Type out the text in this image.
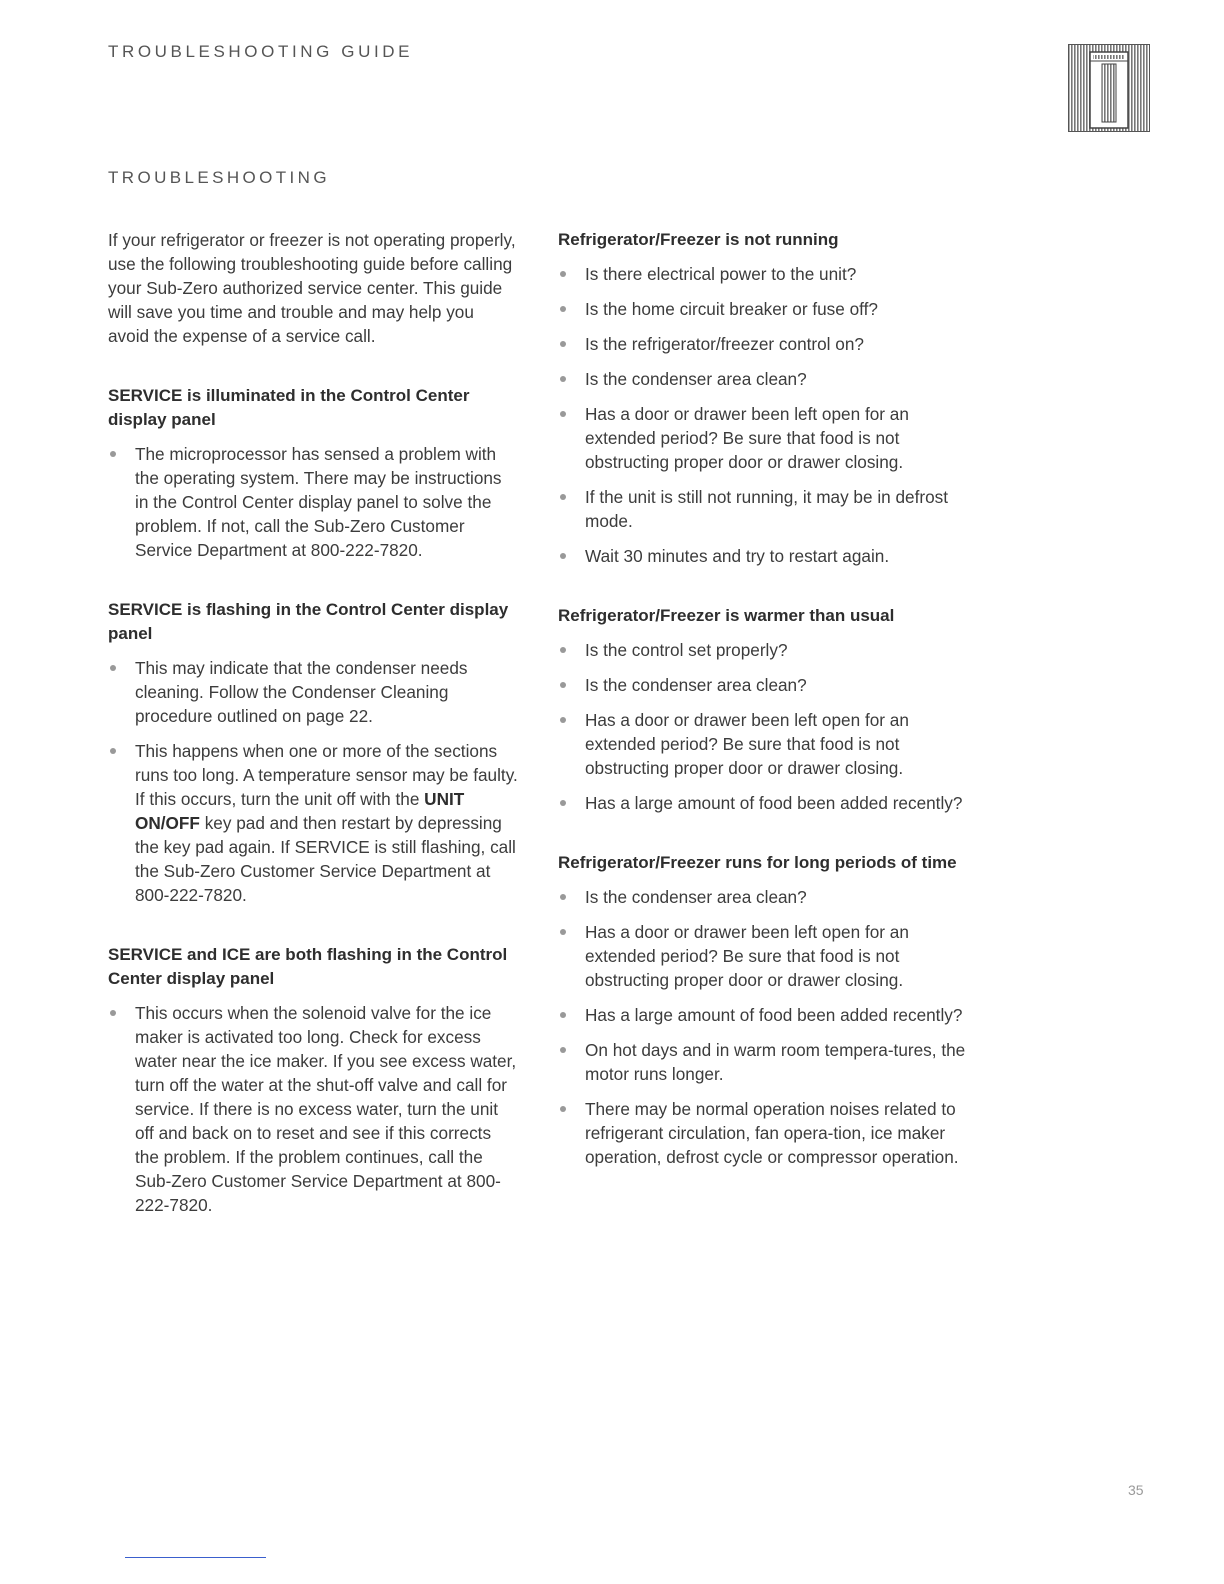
TROUBLESHOOTING GUIDE
TROUBLESHOOTING

If your refrigerator or freezer is not operating properly, use the following troubleshooting guide before calling your Sub-Zero authorized service center. This guide will save you time and trouble and may help you avoid the expense of a service call.

SERVICE is illuminated in the Control Center display panel
The microprocessor has sensed a problem with the operating system. There may be instructions in the Control Center display panel to solve the problem. If not, call the Sub-Zero Customer Service Department at 800-222-7820.
SERVICE is flashing in the Control Center display panel
This may indicate that the condenser needs cleaning. Follow the Condenser Cleaning procedure outlined on page 22.
This happens when one or more of the sections runs too long. A temperature sensor may be faulty. If this occurs, turn the unit off with the UNIT ON/OFF key pad and then restart by depressing the key pad again. If SERVICE is still flashing, call the Sub-Zero Customer Service Department at 800-222-7820.
SERVICE and ICE are both flashing in the Control Center display panel
This occurs when the solenoid valve for the ice maker is activated too long. Check for excess water near the ice maker. If you see excess water, turn off the water at the shut-off valve and call for service. If there is no excess water, turn the unit off and back on to reset and see if this corrects the problem. If the problem continues, call the Sub-Zero Customer Service Department at 800-222-7820.
Refrigerator/Freezer is not running
Is there electrical power to the unit?
Is the home circuit breaker or fuse off?
Is the refrigerator/freezer control on?
Is the condenser area clean?
Has a door or drawer been left open for an extended period? Be sure that food is not obstructing proper door or drawer closing.
If the unit is still not running, it may be in defrost mode.
Wait 30 minutes and try to restart again.
Refrigerator/Freezer is warmer than usual
Is the control set properly?
Is the condenser area clean?
Has a door or drawer been left open for an extended period? Be sure that food is not obstructing proper door or drawer closing.
Has a large amount of food been added recently?
Refrigerator/Freezer runs for long periods of time
Is the condenser area clean?
Has a door or drawer been left open for an extended period? Be sure that food is not obstructing proper door or drawer closing.
Has a large amount of food been added recently?
On hot days and in warm room tempera-tures, the motor runs longer.
There may be normal operation noises related to refrigerant circulation, fan opera-tion, ice maker operation, defrost cycle or compressor operation.
35
